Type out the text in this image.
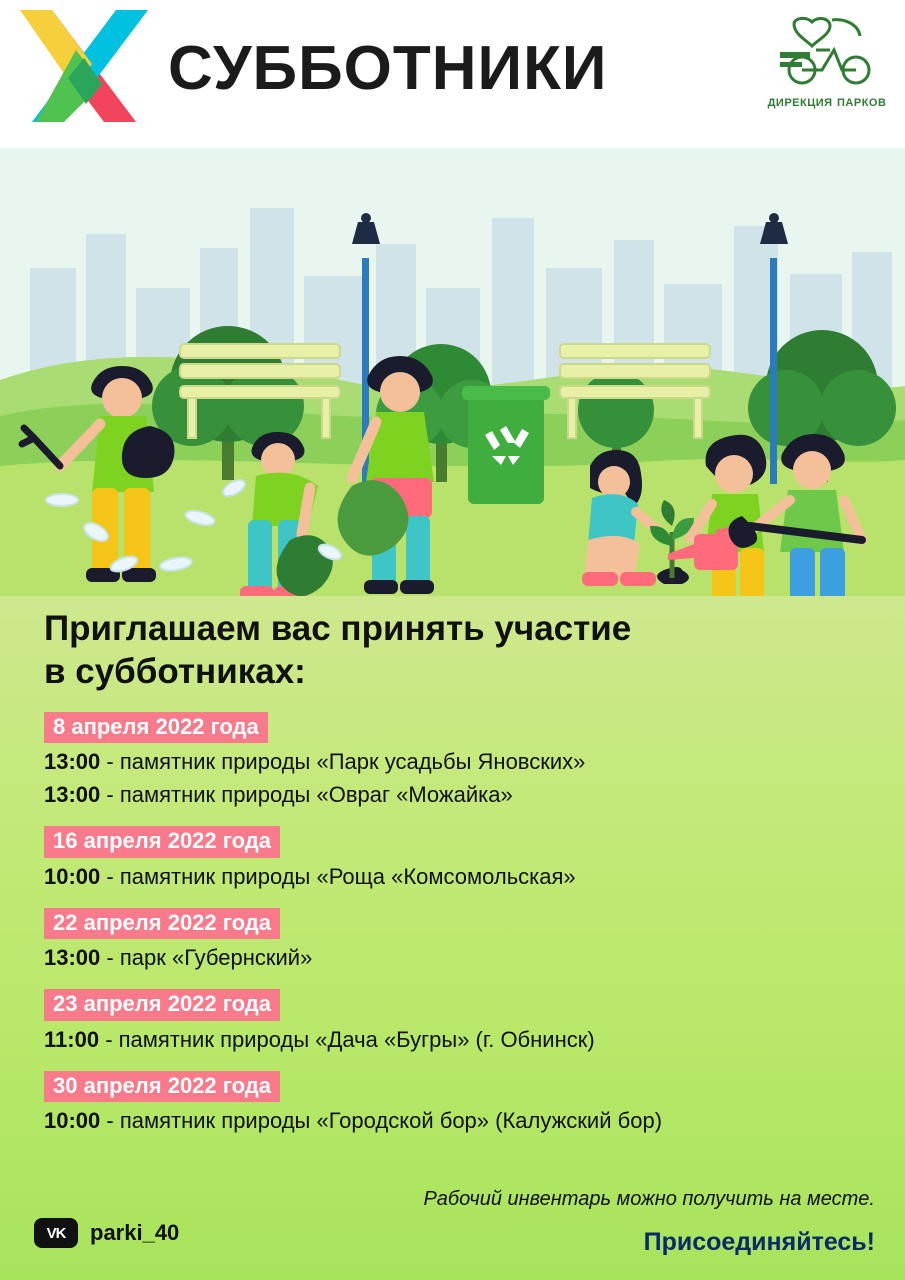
СУББОТНИКИ	ДИРЕКЦИЯ ПАРКОВ
Приглашаем вас принять участие
в субботниках:
8 апреля 2022 года
13:00 - памятник природы «Парк усадьбы Яновских»
13:00 - памятник природы «Овраг «Можайка»
16 апреля 2022 года
10:00 - памятник природы «Роща «Комсомольская»
22 апреля 2022 года
13:00 - парк «Губернский»
23 апреля 2022 года
11:00 - памятник природы «Дача «Бугры» (г. Обнинск)
30 апреля 2022 года
10:00 - памятник природы «Городской бор» (Калужский бор)
Рабочий инвентарь можно получить на месте.
Присоединяйтесь!
VK	parki_40
